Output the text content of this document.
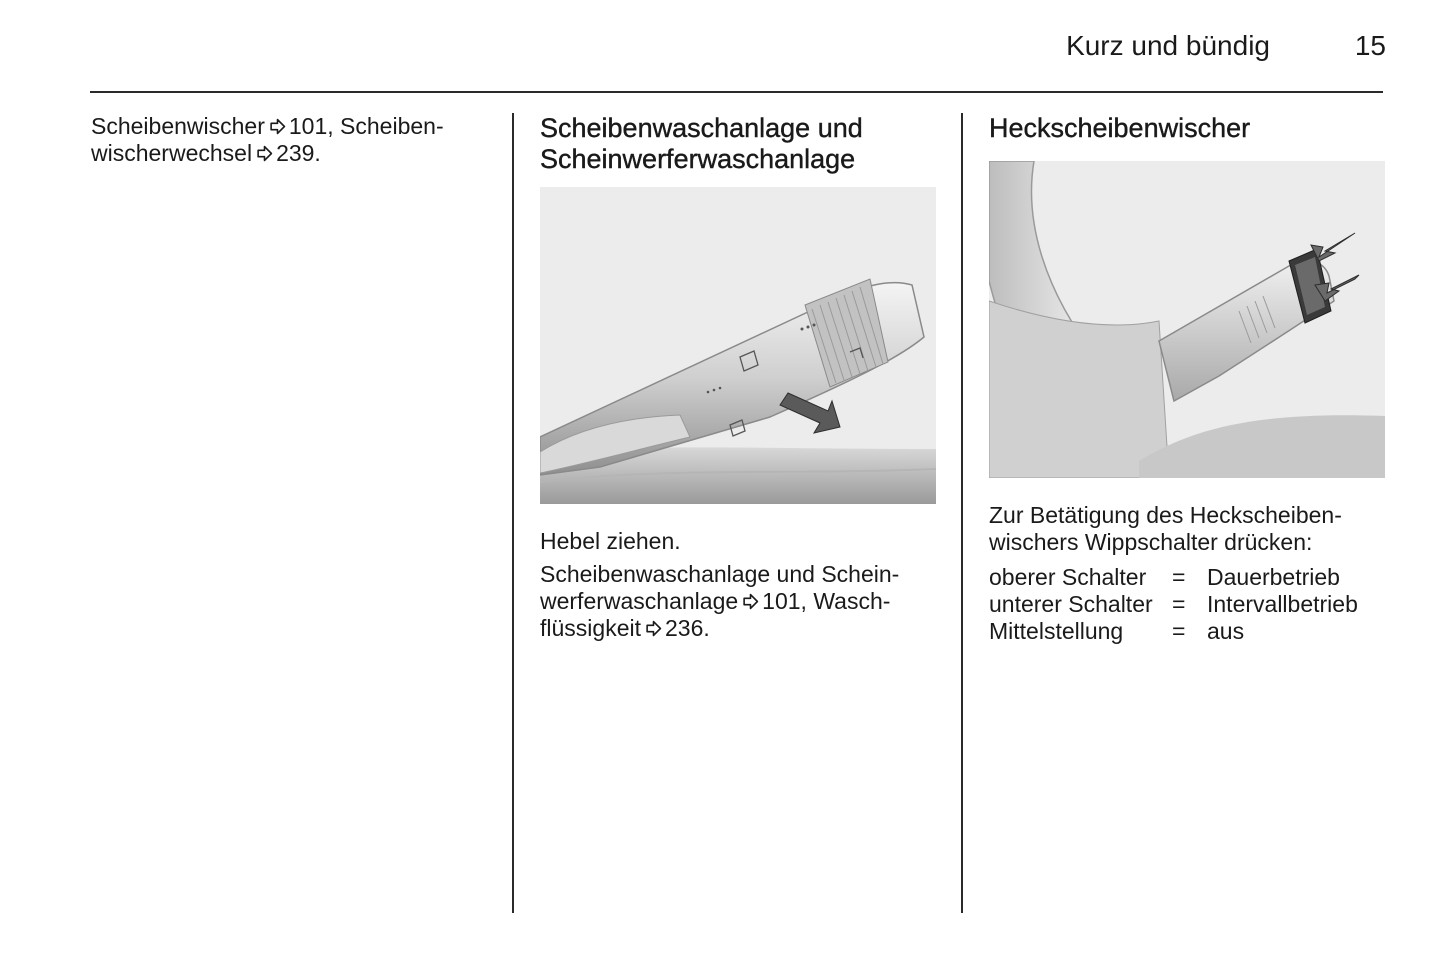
Kurz und bündig	15

Scheibenwischer 101, Scheiben-
wischerwechsel 239.

Scheibenwaschanlage und
Scheinwerferwaschanlage

Hebel ziehen.

Scheibenwaschanlage und Schein-
werferwaschanlage 101, Wasch-
flüssigkeit 236.

Heckscheibenwischer

Zur Betätigung des Heckscheiben-
wischers Wippschalter drücken:

oberer Schalter	=	Dauerbetrieb
unterer Schalter	=	Intervallbetrieb
Mittelstellung	=	aus
